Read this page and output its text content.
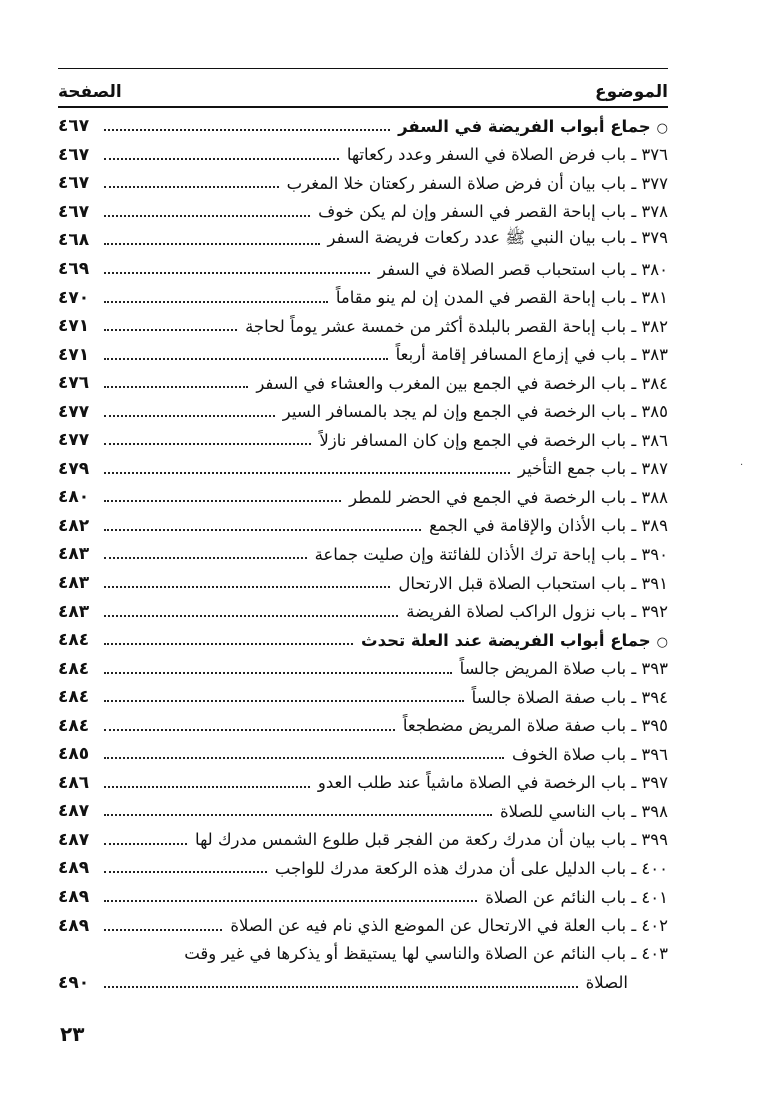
الموضوع
الصفحة
○ جماع أبواب الفريضة في السفر
٤٦٧
٣٧٦ ـ باب فرض الصلاة في السفر وعدد ركعاتها
٤٦٧
٣٧٧ ـ باب بيان أن فرض صلاة السفر ركعتان خلا المغرب
٤٦٧
٣٧٨ ـ باب إباحة القصر في السفر وإن لم يكن خوف
٤٦٧
٣٧٩ ـ باب بيان النبي ﷺ عدد ركعات فريضة السفر
٤٦٨
٣٨٠ ـ باب استحباب قصر الصلاة في السفر
٤٦٩
٣٨١ ـ باب إباحة القصر في المدن إن لم ينو مقاماً
٤٧٠
٣٨٢ ـ باب إباحة القصر بالبلدة أكثر من خمسة عشر يوماً لحاجة
٤٧١
٣٨٣ ـ باب في إزماع المسافر إقامة أربعاً
٤٧١
٣٨٤ ـ باب الرخصة في الجمع بين المغرب والعشاء في السفر
٤٧٦
٣٨٥ ـ باب الرخصة في الجمع وإن لم يجد بالمسافر السير
٤٧٧
٣٨٦ ـ باب الرخصة في الجمع وإن كان المسافر نازلاً
٤٧٧
٣٨٧ ـ باب جمع التأخير
٤٧٩
٣٨٨ ـ باب الرخصة في الجمع في الحضر للمطر
٤٨٠
٣٨٩ ـ باب الأذان والإقامة في الجمع
٤٨٢
٣٩٠ ـ باب إباحة ترك الأذان للفائتة وإن صليت جماعة
٤٨٣
٣٩١ ـ باب استحباب الصلاة قبل الارتحال
٤٨٣
٣٩٢ ـ باب نزول الراكب لصلاة الفريضة
٤٨٣
○ جماع أبواب الفريضة عند العلة تحدث
٤٨٤
٣٩٣ ـ باب صلاة المريض جالساً
٤٨٤
٣٩٤ ـ باب صفة الصلاة جالساً
٤٨٤
٣٩٥ ـ باب صفة صلاة المريض مضطجعاً
٤٨٤
٣٩٦ ـ باب صلاة الخوف
٤٨٥
٣٩٧ ـ باب الرخصة في الصلاة ماشياً عند طلب العدو
٤٨٦
٣٩٨ ـ باب الناسي للصلاة
٤٨٧
٣٩٩ ـ باب بيان أن مدرك ركعة من الفجر قبل طلوع الشمس مدرك لها
٤٨٧
٤٠٠ ـ باب الدليل على أن مدرك هذه الركعة مدرك للواجب
٤٨٩
٤٠١ ـ باب النائم عن الصلاة
٤٨٩
٤٠٢ ـ باب العلة في الارتحال عن الموضع الذي نام فيه عن الصلاة
٤٨٩
٤٠٣ ـ باب النائم عن الصلاة والناسي لها يستيقظ أو يذكرها في غير وقت
الصلاة
٤٩٠
٢٣
·
